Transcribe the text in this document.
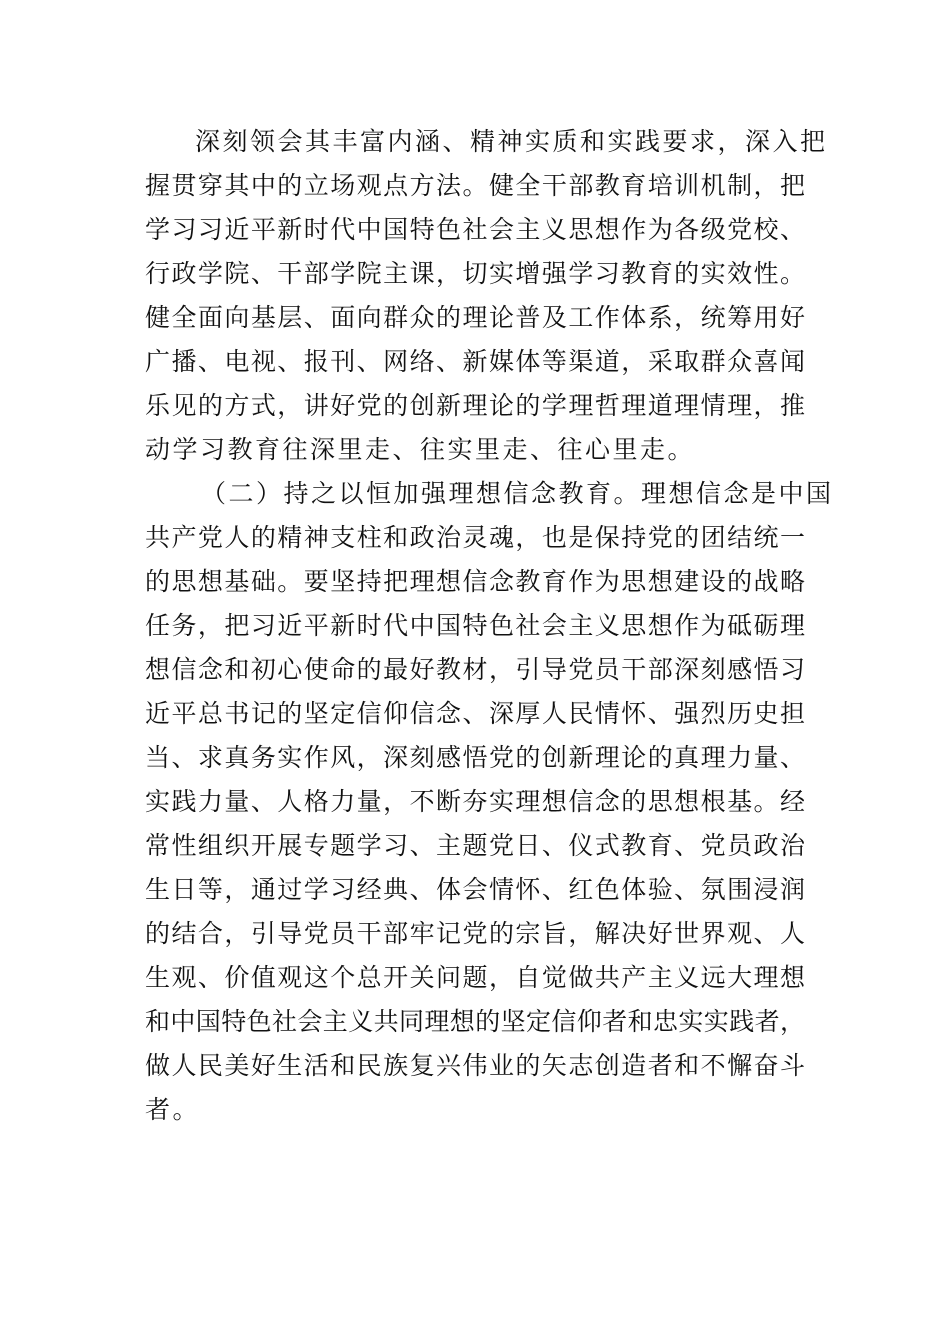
深刻领会其丰富内涵、精神实质和实践要求，深入把
握贯穿其中的立场观点方法。健全干部教育培训机制，把
学习习近平新时代中国特色社会主义思想作为各级党校、
行政学院、干部学院主课，切实增强学习教育的实效性。
健全面向基层、面向群众的理论普及工作体系，统筹用好
广播、电视、报刊、网络、新媒体等渠道，采取群众喜闻
乐见的方式，讲好党的创新理论的学理哲理道理情理，推
动学习教育往深里走、往实里走、往心里走。
（二）持之以恒加强理想信念教育。理想信念是中国
共产党人的精神支柱和政治灵魂，也是保持党的团结统一
的思想基础。要坚持把理想信念教育作为思想建设的战略
任务，把习近平新时代中国特色社会主义思想作为砥砺理
想信念和初心使命的最好教材，引导党员干部深刻感悟习
近平总书记的坚定信仰信念、深厚人民情怀、强烈历史担
当、求真务实作风，深刻感悟党的创新理论的真理力量、
实践力量、人格力量，不断夯实理想信念的思想根基。经
常性组织开展专题学习、主题党日、仪式教育、党员政治
生日等，通过学习经典、体会情怀、红色体验、氛围浸润
的结合，引导党员干部牢记党的宗旨，解决好世界观、人
生观、价值观这个总开关问题，自觉做共产主义远大理想
和中国特色社会主义共同理想的坚定信仰者和忠实实践者，
做人民美好生活和民族复兴伟业的矢志创造者和不懈奋斗
者。
